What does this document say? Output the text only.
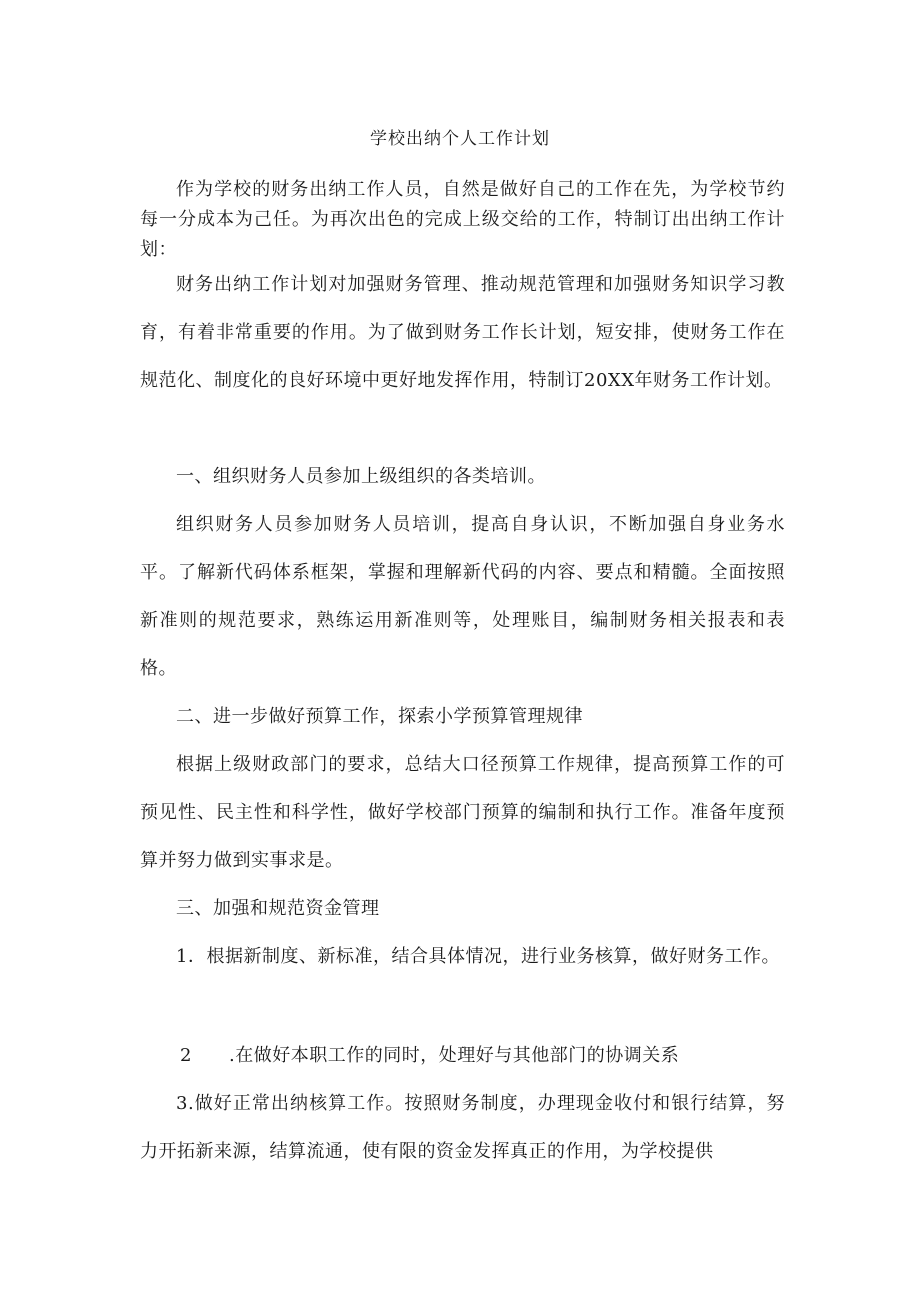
学校出纳个人工作计划

作为学校的财务出纳工作人员，自然是做好自己的工作在先，为学校节约每一分成本为己任。为再次出色的完成上级交给的工作，特制订出出纳工作计划：

财务出纳工作计划对加强财务管理、推动规范管理和加强财务知识学习教育，有着非常重要的作用。为了做到财务工作长计划，短安排，使财务工作在规范化、制度化的良好环境中更好地发挥作用，特制订20XX年财务工作计划。

一、组织财务人员参加上级组织的各类培训。

组织财务人员参加财务人员培训，提高自身认识，不断加强自身业务水平。了解新代码体系框架，掌握和理解新代码的内容、要点和精髓。全面按照新准则的规范要求，熟练运用新准则等，处理账目，编制财务相关报表和表格。

二、进一步做好预算工作，探索小学预算管理规律

根据上级财政部门的要求，总结大口径预算工作规律，提高预算工作的可预见性、民主性和科学性，做好学校部门预算的编制和执行工作。准备年度预算并努力做到实事求是。

三、加强和规范资金管理

1．根据新制度、新标准，结合具体情况，进行业务核算，做好财务工作。

2 .在做好本职工作的同时，处理好与其他部门的协调关系

3.做好正常出纳核算工作。按照财务制度，办理现金收付和银行结算，努力开拓新来源，结算流通，使有限的资金发挥真正的作用，为学校提供
